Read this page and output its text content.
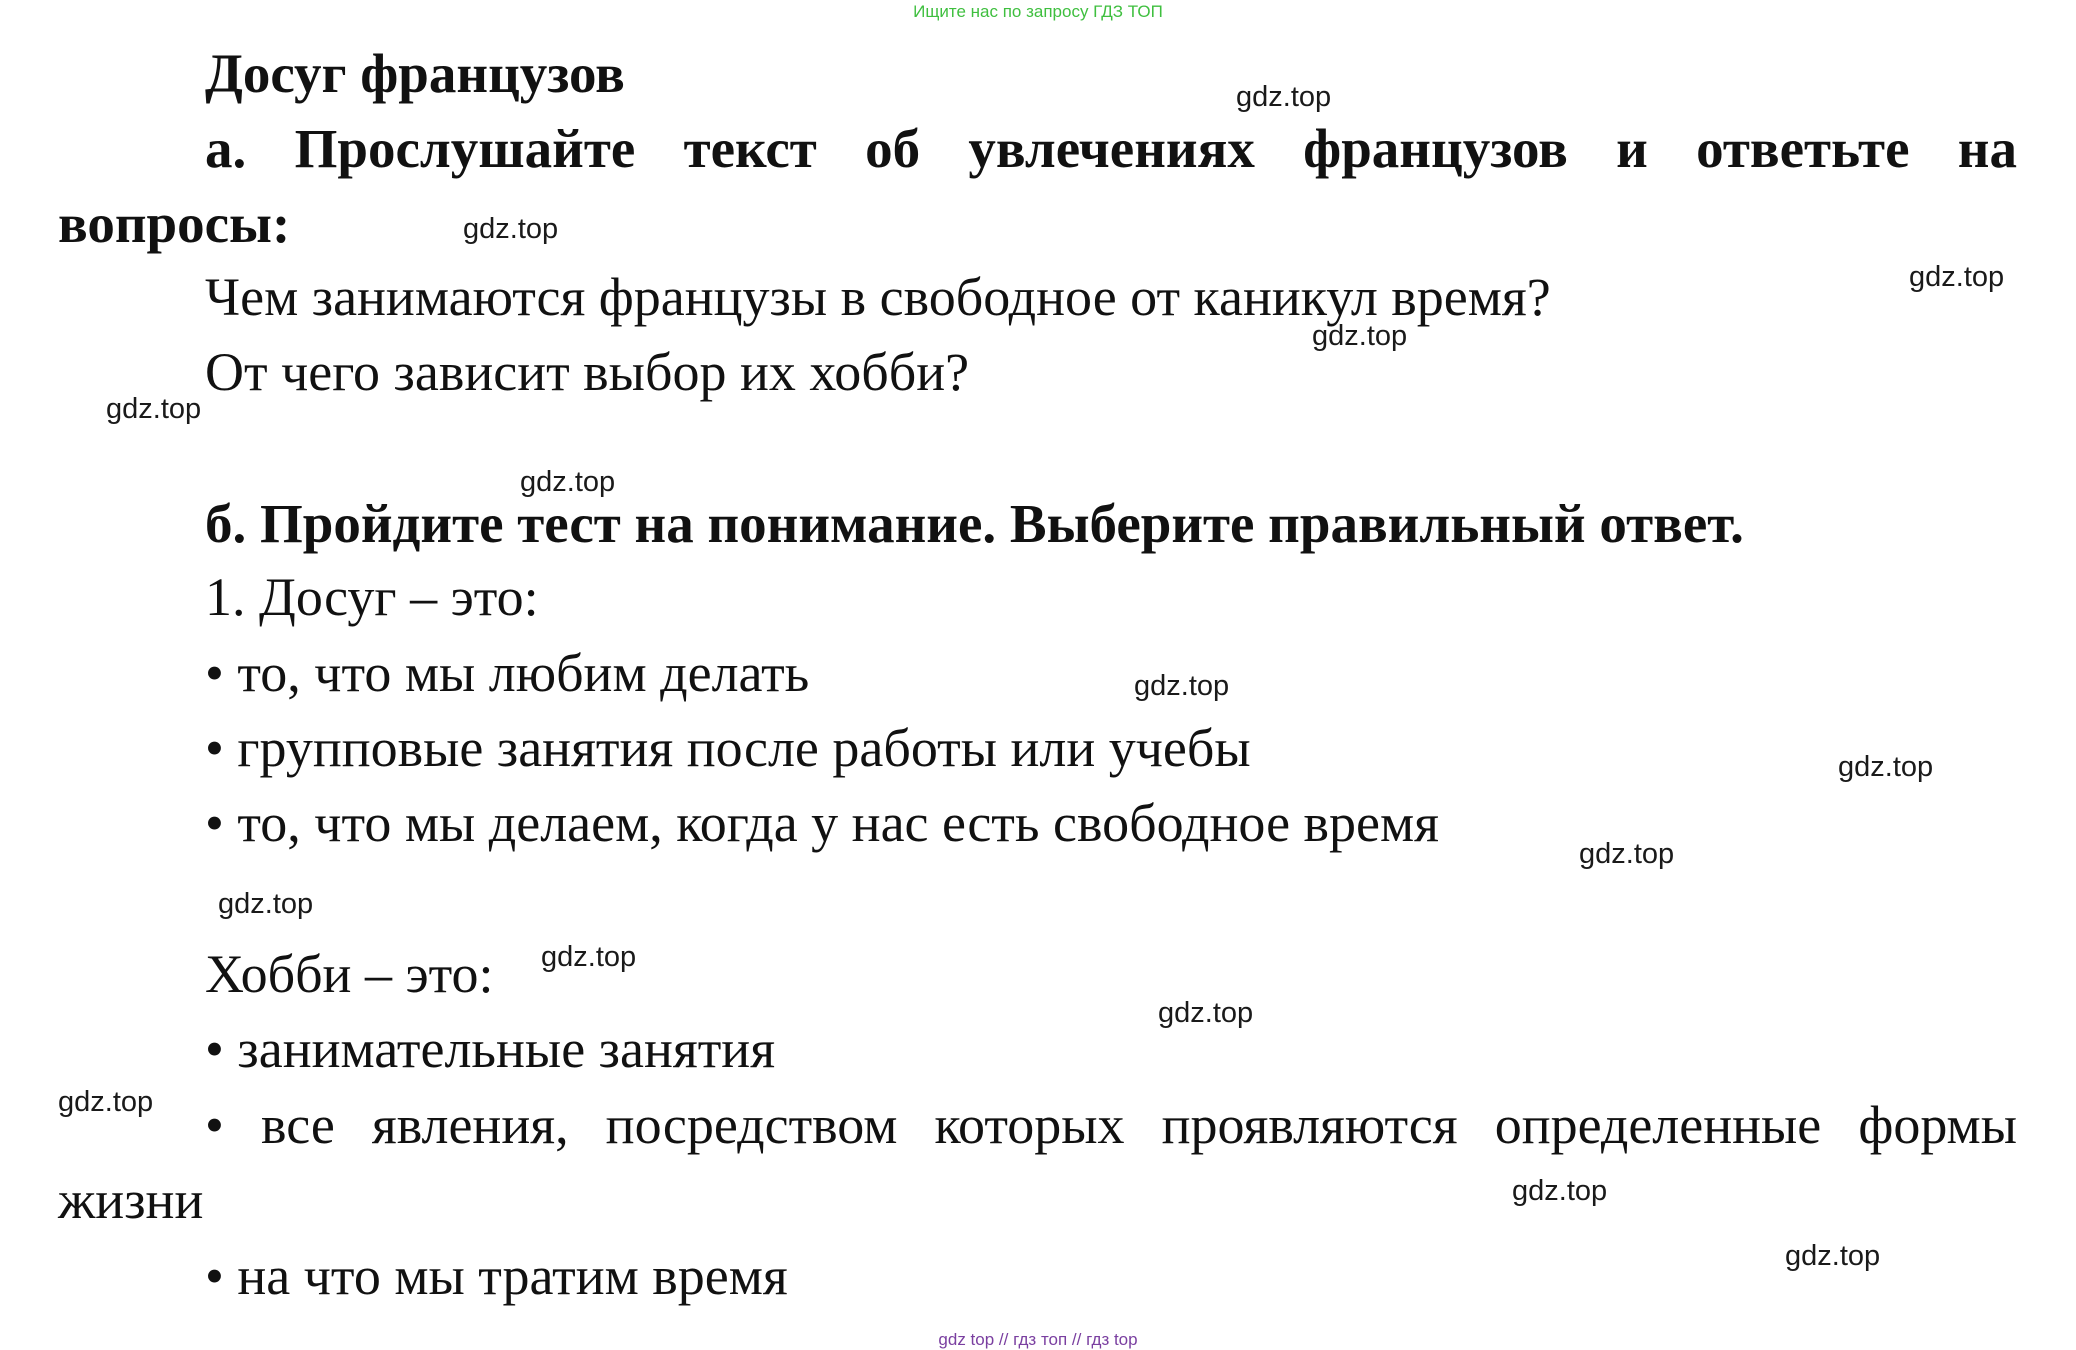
Ищите нас по запросу ГДЗ ТОП
Досуг французов
а. Прослушайте текст об увлечениях французов и ответьте на
вопросы:
Чем занимаются французы в свободное от каникул время?
От чего зависит выбор их хобби?
б. Пройдите тест на понимание. Выберите правильный ответ.
1. Досуг – это:
• то, что мы любим делать
• групповые занятия после работы или учебы
• то, что мы делаем, когда у нас есть свободное время
Хобби – это:
• занимательные занятия
• все явления, посредством которых проявляются определенные формы
жизни
• на что мы тратим время
gdz.top
gdz.top
gdz.top
gdz.top
gdz.top
gdz.top
gdz.top
gdz.top
gdz.top
gdz.top
gdz.top
gdz.top
gdz.top
gdz.top
gdz.top
gdz top // гдз топ // гдз top
